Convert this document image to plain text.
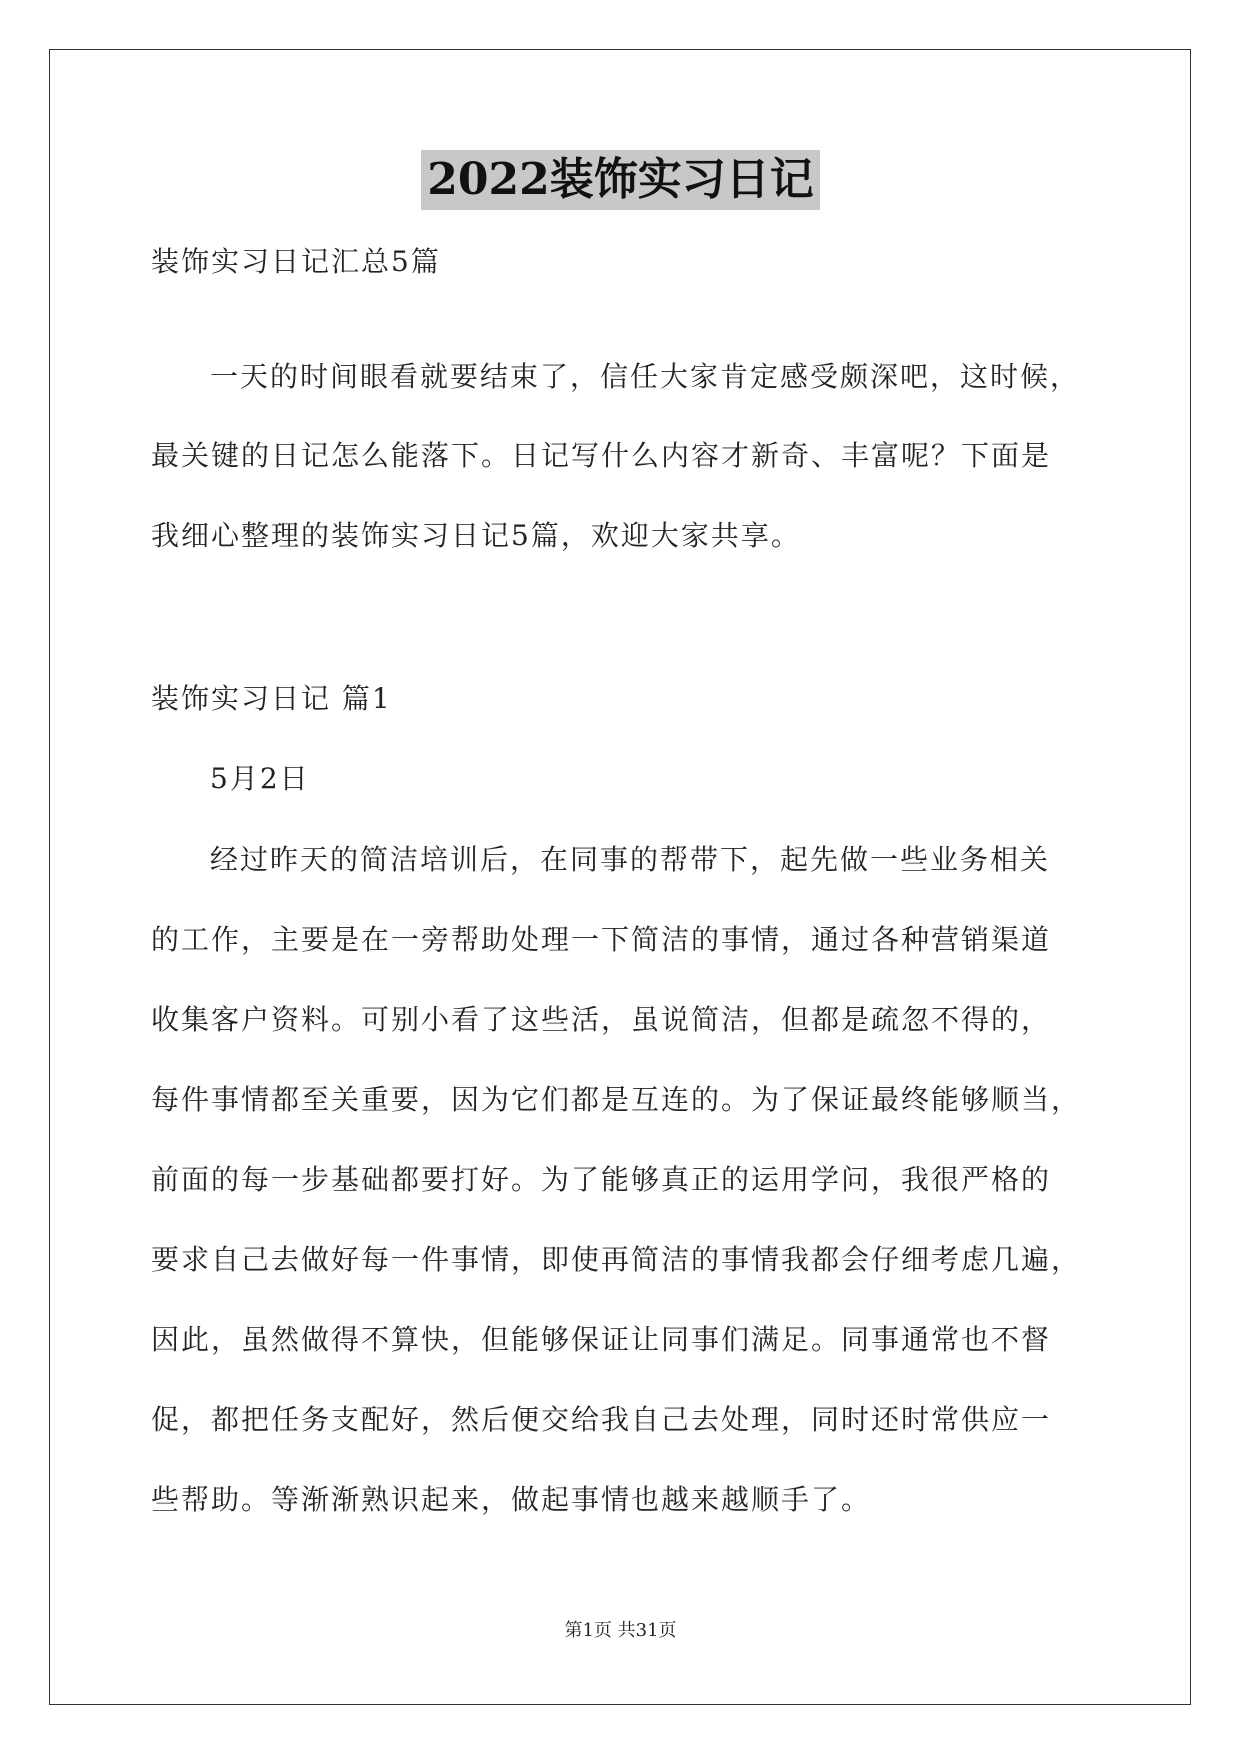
2022装饰实习日记
装饰实习日记汇总5篇
一天的时间眼看就要结束了，信任大家肯定感受颇深吧，这时候，
最关键的日记怎么能落下。日记写什么内容才新奇、丰富呢？下面是
我细心整理的装饰实习日记5篇，欢迎大家共享。
装饰实习日记 篇1
5月2日
经过昨天的简洁培训后，在同事的帮带下，起先做一些业务相关
的工作，主要是在一旁帮助处理一下简洁的事情，通过各种营销渠道
收集客户资料。可别小看了这些活，虽说简洁，但都是疏忽不得的，
每件事情都至关重要，因为它们都是互连的。为了保证最终能够顺当，
前面的每一步基础都要打好。为了能够真正的运用学问，我很严格的
要求自己去做好每一件事情，即使再简洁的事情我都会仔细考虑几遍，
因此，虽然做得不算快，但能够保证让同事们满足。同事通常也不督
促，都把任务支配好，然后便交给我自己去处理，同时还时常供应一
些帮助。等渐渐熟识起来，做起事情也越来越顺手了。
第1页 共31页
